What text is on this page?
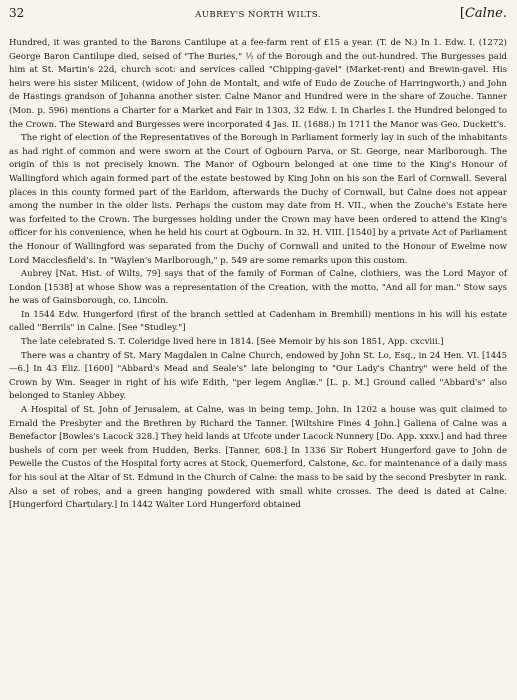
32	AUBREY'S NORTH WILTS.	[Calne.

Hundred, it was granted to the Barons Cantilupe at a fee-farm rent of £15 a year. (T. de N.) In 1. Edw. I. (1272) George Baron Cantilupe died, seised of "The Buries," ½ of the Borough and the out-hundred. The Burgesses paid him at St. Martin's 22d, church scot: and services called "Chipping-gavel" (Market-rent) and Brewin-gavel. His heirs were his sister Milicent, (widow of John de Montalt, and wife of Eudo de Zouche of Harringworth,) and John de Hastings grandson of Johanna another sister. Calne Manor and Hundred were in the share of Zouche. Tanner (Mon. p. 596) mentions a Charter for a Market and Fair in 1303, 32 Edw. I. In Charles I. the Hundred belonged to the Crown. The Steward and Burgesses were incorporated 4 Jas. II. (1688.) In 1711 the Manor was Geo. Duckett's.

The right of election of the Representatives of the Borough in Parliament formerly lay in such of the inhabitants as had right of common and were sworn at the Court of Ogbourn Parva, or St. George, near Marlborough. The origin of this is not precisely known. The Manor of Ogbourn belonged at one time to the King's Honour of Wallingford which again formed part of the estate bestowed by King John on his son the Earl of Cornwall. Several places in this county formed part of the Earldom, afterwards the Duchy of Cornwall, but Calne does not appear among the number in the older lists. Perhaps the custom may date from H. VII., when the Zouche's Estate here was forfeited to the Crown. The burgesses holding under the Crown may have been ordered to attend the King's officer for his convenience, when he held his court at Ogbourn. In 32. H. VIII. [1540] by a private Act of Parliament the Honour of Wallingford was separated from the Duchy of Cornwall and united to the Honour of Ewelme now Lord Macclesfield's. In "Waylen's Marlborough," p. 549 are some remarks upon this custom.

Aubrey [Nat. Hist. of Wilts, 79] says that of the family of Forman of Calne, clothiers, was the Lord Mayor of London [1538] at whose Show was a representation of the Creation, with the motto, "And all for man." Stow says he was of Gainsborough, co. Lincoln.

In 1544 Edw. Hungerford (first of the branch settled at Cadenham in Bremhill) mentions in his will his estate called "Berrils" in Calne. [See "Studley."]

The late celebrated S. T. Coleridge lived here in 1814. [See Memoir by his son 1851, App. cxcviii.]

There was a chantry of St. Mary Magdalen in Calne Church, endowed by John St. Lo, Esq., in 24 Hen. VI. [1445—6.] In 43 Eliz. [1600] "Abbard's Mead and Seale's" late belonging to "Our Lady's Chantry" were held of the Crown by Wm. Seager in right of his wife Edith, "per legem Angliæ." [L. p. M.] Ground called "Abbard's" also belonged to Stanley Abbey.

A Hospital of St. John of Jerusalem, at Calne, was in being temp. John. In 1202 a house was quit claimed to Ernald the Presbyter and the Brethren by Richard the Tanner. [Wiltshire Fines 4 John.] Galiena of Calne was a Benefactor [Bowles's Lacock 328.] They held lands at Ufcote under Lacock Nunnery [Do. App. xxxv.] and had three bushels of corn per week from Hudden, Berks. [Tanner, 608.] In 1336 Sir Robert Hungerford gave to John de Pewelle the Custos of the Hospital forty acres at Stock, Quemerford, Calstone, &c. for maintenance of a daily mass for his soul at the Altar of St. Edmund in the Church of Calne: the mass to be said by the second Presbyter in rank. Also a set of robes, and a green hanging powdered with small white crosses. The deed is dated at Calne. [Hungerford Chartulary.] In 1442 Walter Lord Hungerford obtained
